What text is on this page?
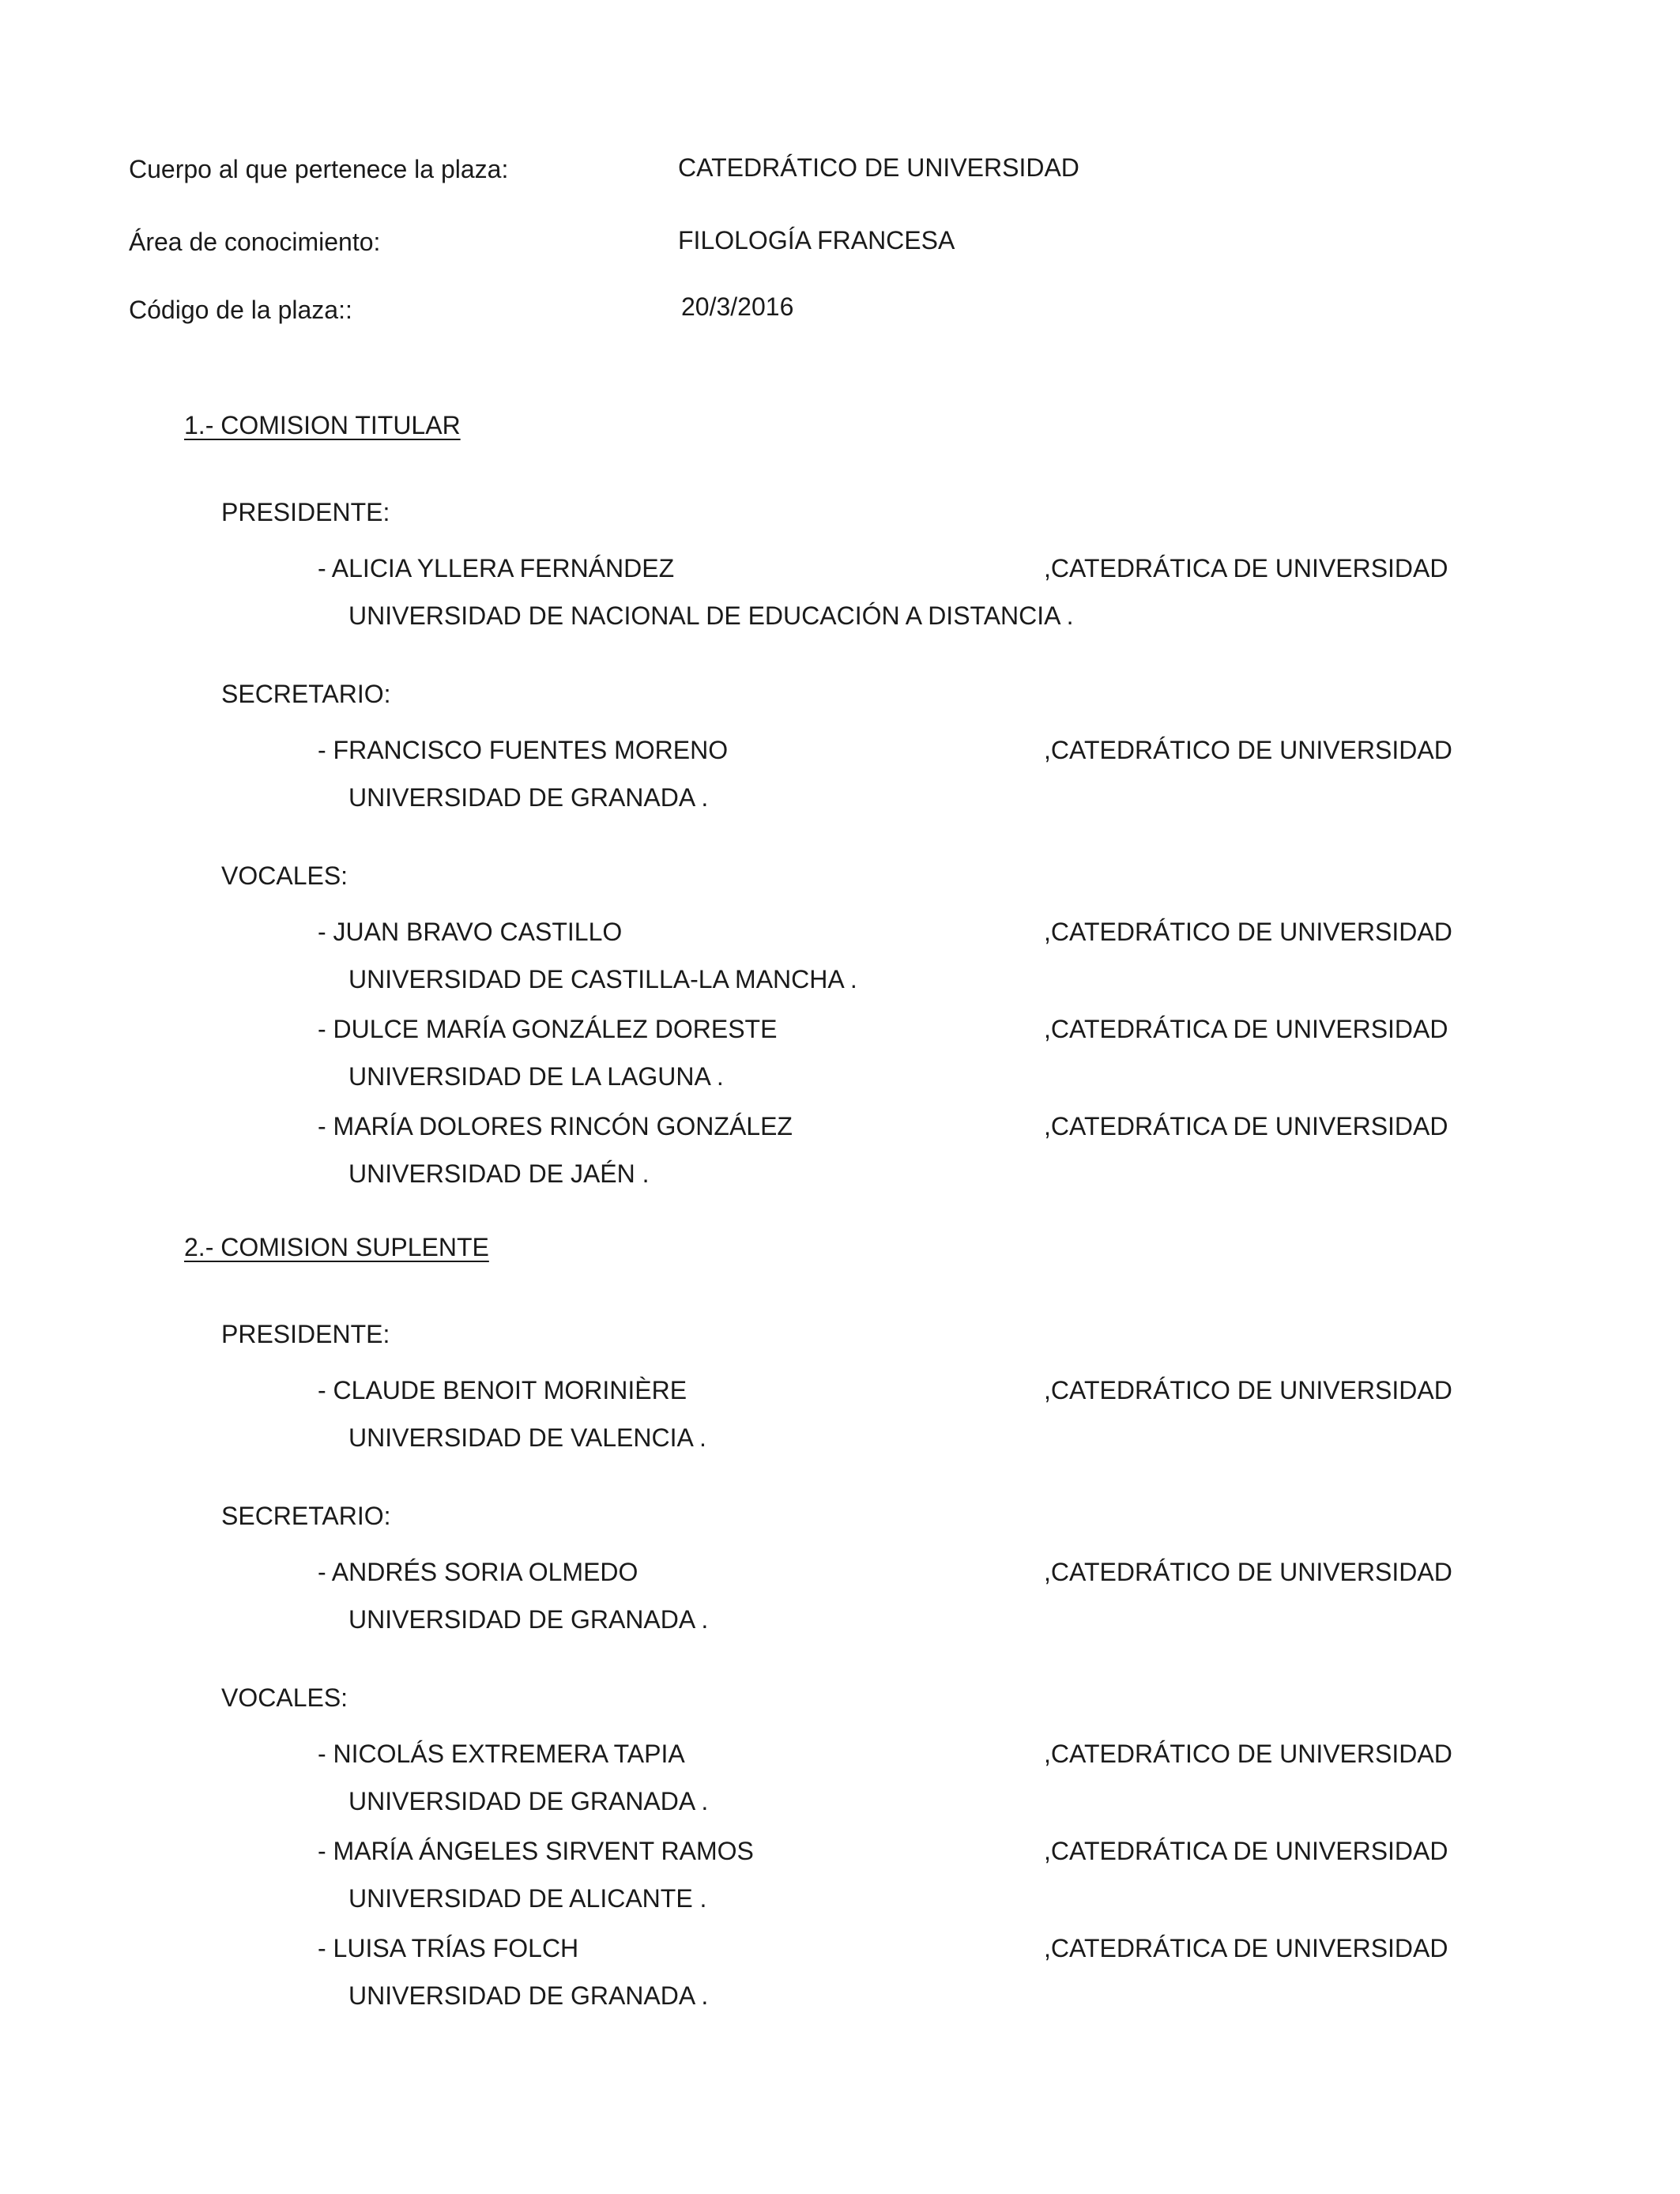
Cuerpo al que pertenece la plaza:	CATEDRÁTICO DE UNIVERSIDAD
Área de conocimiento:	FILOLOGÍA FRANCESA
Código de la plaza::	20/3/2016
1.- COMISION TITULAR
PRESIDENTE:
- ALICIA YLLERA FERNÁNDEZ	,CATEDRÁTICA DE UNIVERSIDAD
UNIVERSIDAD DE NACIONAL DE EDUCACIÓN A DISTANCIA .
SECRETARIO:
- FRANCISCO FUENTES MORENO	,CATEDRÁTICO DE UNIVERSIDAD
UNIVERSIDAD DE GRANADA .
VOCALES:
- JUAN BRAVO CASTILLO	,CATEDRÁTICO DE UNIVERSIDAD
UNIVERSIDAD DE CASTILLA-LA MANCHA .
- DULCE MARÍA GONZÁLEZ DORESTE	,CATEDRÁTICA DE UNIVERSIDAD
UNIVERSIDAD DE LA LAGUNA .
- MARÍA DOLORES RINCÓN GONZÁLEZ	,CATEDRÁTICA DE UNIVERSIDAD
UNIVERSIDAD DE JAÉN .
2.- COMISION SUPLENTE
PRESIDENTE:
- CLAUDE BENOIT MORINIÈRE	,CATEDRÁTICO DE UNIVERSIDAD
UNIVERSIDAD DE VALENCIA .
SECRETARIO:
- ANDRÉS SORIA OLMEDO	,CATEDRÁTICO DE UNIVERSIDAD
UNIVERSIDAD DE GRANADA .
VOCALES:
- NICOLÁS EXTREMERA TAPIA	,CATEDRÁTICO DE UNIVERSIDAD
UNIVERSIDAD DE GRANADA .
- MARÍA ÁNGELES SIRVENT RAMOS	,CATEDRÁTICA DE UNIVERSIDAD
UNIVERSIDAD DE ALICANTE .
- LUISA TRÍAS FOLCH	,CATEDRÁTICA DE UNIVERSIDAD
UNIVERSIDAD DE GRANADA .
